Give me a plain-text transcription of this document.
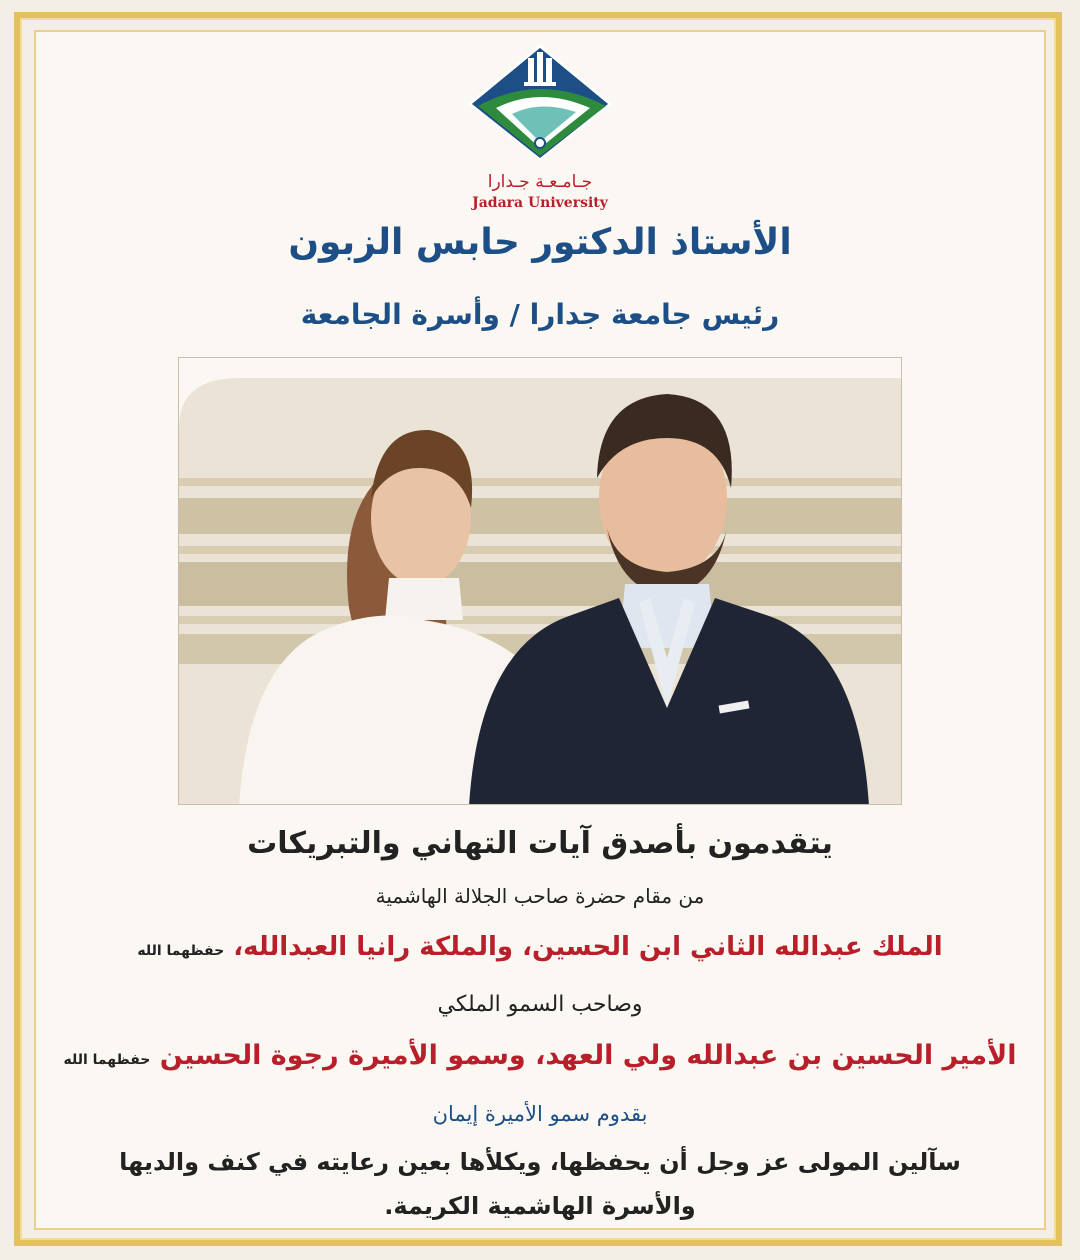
جـامـعـة جـدارا
Jadara University
الأستاذ الدكتور حابس الزبون
رئيس جامعة جدارا / وأسرة الجامعة
يتقدمون بأصدق آيات التهاني والتبريكات
من مقام حضرة صاحب الجلالة الهاشمية
الملك عبدالله الثاني ابن الحسين، والملكة رانيا العبدالله، حفظهما الله
وصاحب السمو الملكي
الأمير الحسين بن عبدالله ولي العهد، وسمو الأميرة رجوة الحسين حفظهما الله
بقدوم سمو الأميرة إيمان
سآلين المولى عز وجل أن يحفظها، ويكلأها بعين رعايته في كنف والديها
والأسرة الهاشمية الكريمة.
